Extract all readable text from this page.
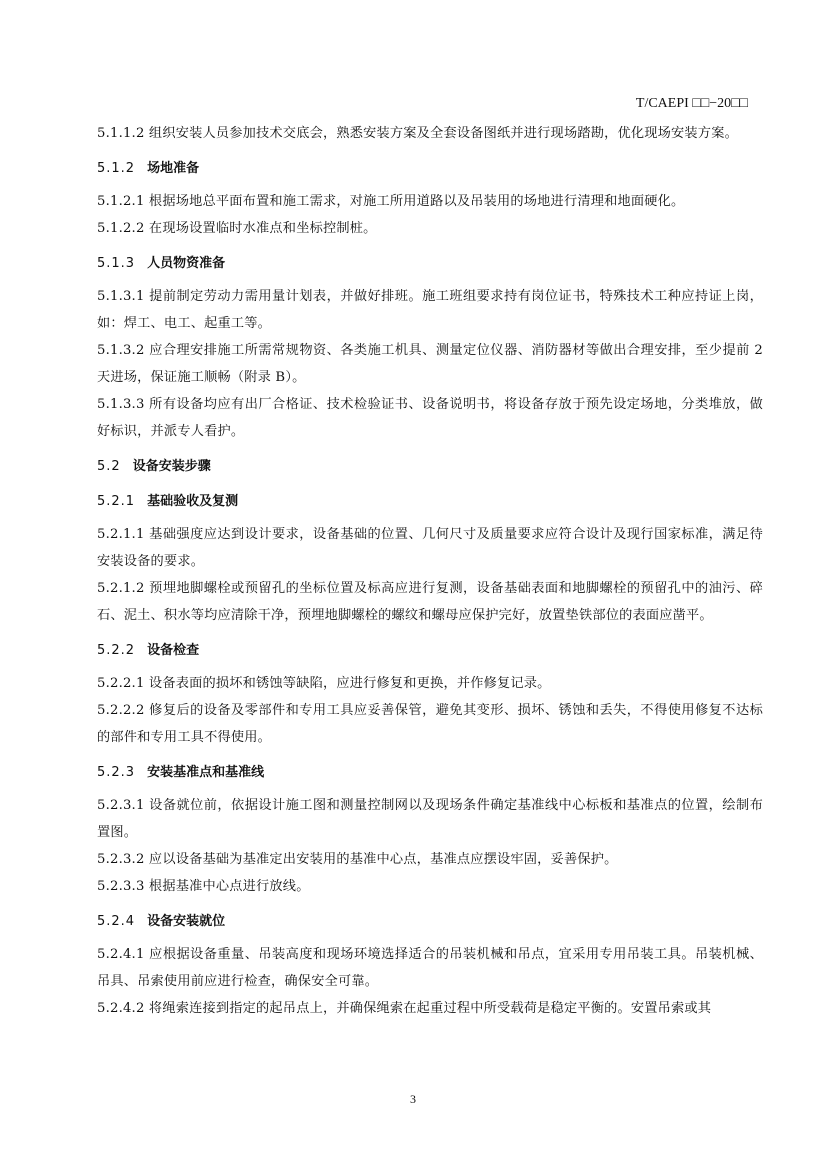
T/CAEPI □□−20□□

5.1.1.2 组织安装人员参加技术交底会，熟悉安装方案及全套设备图纸并进行现场踏勘，优化现场安装方案。

5.1.2 场地准备

5.1.2.1 根据场地总平面布置和施工需求，对施工所用道路以及吊装用的场地进行清理和地面硬化。

5.1.2.2 在现场设置临时水准点和坐标控制桩。

5.1.3 人员物资准备

5.1.3.1 提前制定劳动力需用量计划表，并做好排班。施工班组要求持有岗位证书，特殊技术工种应持证上岗，如：焊工、电工、起重工等。

5.1.3.2 应合理安排施工所需常规物资、各类施工机具、测量定位仪器、消防器材等做出合理安排，至少提前 2 天进场，保证施工顺畅（附录 B）。

5.1.3.3 所有设备均应有出厂合格证、技术检验证书、设备说明书，将设备存放于预先设定场地，分类堆放，做好标识，并派专人看护。

5.2 设备安装步骤
5.2.1 基础验收及复测

5.2.1.1 基础强度应达到设计要求，设备基础的位置、几何尺寸及质量要求应符合设计及现行国家标准，满足待安装设备的要求。

5.2.1.2 预埋地脚螺栓或预留孔的坐标位置及标高应进行复测，设备基础表面和地脚螺栓的预留孔中的油污、碎石、泥土、积水等均应清除干净，预埋地脚螺栓的螺纹和螺母应保护完好，放置垫铁部位的表面应凿平。

5.2.2 设备检查

5.2.2.1 设备表面的损坏和锈蚀等缺陷，应进行修复和更换，并作修复记录。

5.2.2.2 修复后的设备及零部件和专用工具应妥善保管，避免其变形、损坏、锈蚀和丢失，不得使用修复不达标的部件和专用工具不得使用。

5.2.3 安装基准点和基准线

5.2.3.1 设备就位前，依据设计施工图和测量控制网以及现场条件确定基准线中心标板和基准点的位置，绘制布置图。

5.2.3.2 应以设备基础为基准定出安装用的基准中心点，基准点应摆设牢固，妥善保护。

5.2.3.3 根据基准中心点进行放线。

5.2.4 设备安装就位

5.2.4.1 应根据设备重量、吊装高度和现场环境选择适合的吊装机械和吊点，宜采用专用吊装工具。吊装机械、吊具、吊索使用前应进行检查，确保安全可靠。

5.2.4.2 将绳索连接到指定的起吊点上，并确保绳索在起重过程中所受载荷是稳定平衡的。安置吊索或其

3
